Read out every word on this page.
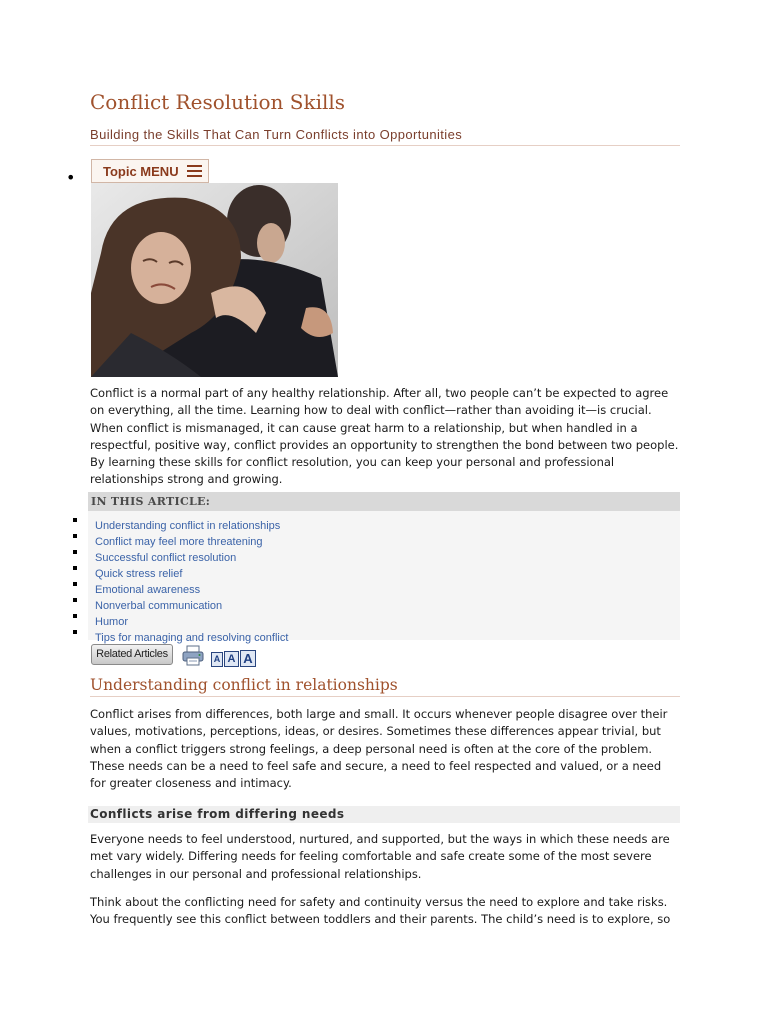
Conflict Resolution Skills
Building the Skills That Can Turn Conflicts into Opportunities
• Topic MENU

Conflict is a normal part of any healthy relationship. After all, two people can’t be expected to agree on everything, all the time. Learning how to deal with conflict—rather than avoiding it—is crucial. When conflict is mismanaged, it can cause great harm to a relationship, but when handled in a respectful, positive way, conflict provides an opportunity to strengthen the bond between two people. By learning these skills for conflict resolution, you can keep your personal and professional relationships strong and growing.

IN THIS ARTICLE:
Understanding conflict in relationships
Conflict may feel more threatening
Successful conflict resolution
Quick stress relief
Emotional awareness
Nonverbal communication
Humor
Tips for managing and resolving conflict
Related Articles	A A A
Understanding conflict in relationships

Conflict arises from differences, both large and small. It occurs whenever people disagree over their values, motivations, perceptions, ideas, or desires. Sometimes these differences appear trivial, but when a conflict triggers strong feelings, a deep personal need is often at the core of the problem. These needs can be a need to feel safe and secure, a need to feel respected and valued, or a need for greater closeness and intimacy.

Conflicts arise from differing needs

Everyone needs to feel understood, nurtured, and supported, but the ways in which these needs are met vary widely. Differing needs for feeling comfortable and safe create some of the most severe challenges in our personal and professional relationships.

Think about the conflicting need for safety and continuity versus the need to explore and take risks. You frequently see this conflict between toddlers and their parents. The child’s need is to explore, so
